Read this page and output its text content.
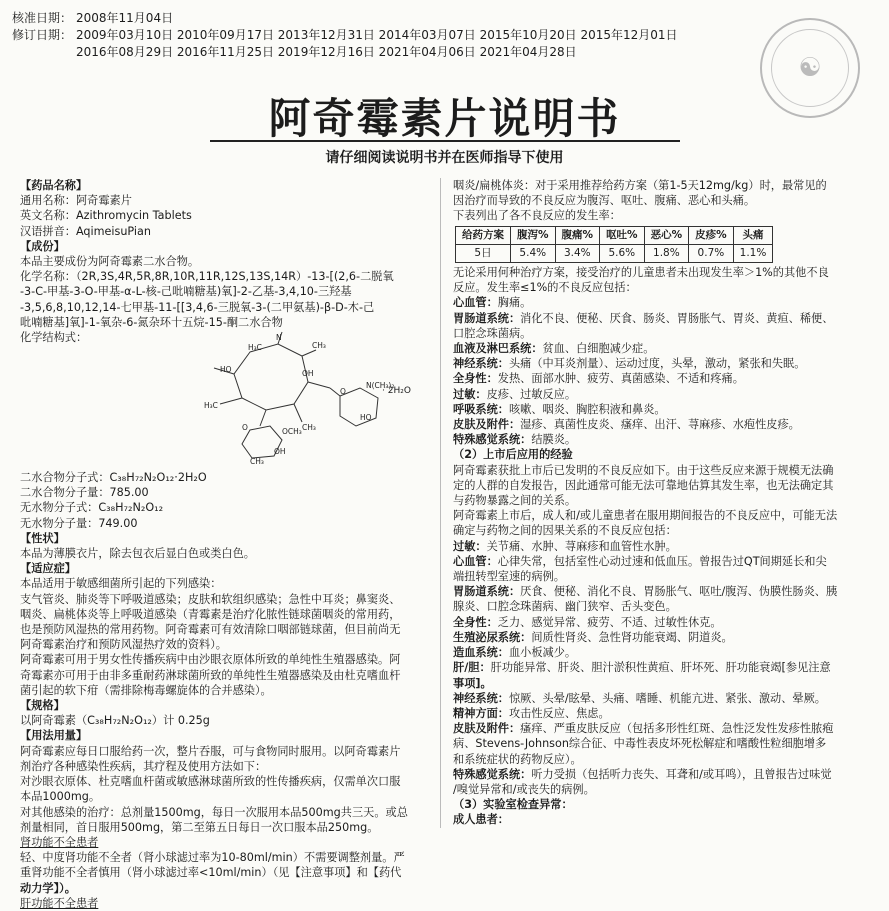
核准日期： 2008年11月04日
修订日期： 2009年03月10日 2010年09月17日 2013年12月31日 2014年03月07日 2015年10月20日 2015年12月01日
2016年08月29日 2016年11月25日 2019年12月16日 2021年04月06日 2021年04月28日
☯
阿奇霉素片说明书
请仔细阅读说明书并在医师指导下使用

【药品名称】

通用名称：阿奇霉素片

英文名称：Azithromycin Tablets

汉语拼音：AqimeisuPian

【成份】

本品主要成份为阿奇霉素二水合物。

化学名称：（2R,3S,4R,5R,8R,10R,11R,12S,13S,14R）-13-[(2,6-二脱氧

-3-C-甲基-3-O-甲基-α-L-核-己吡喃糖基)氧]-2-乙基-3,4,10-三羟基

-3,5,6,8,10,12,14-七甲基-11-[[3,4,6-三脱氧-3-(二甲氨基)-β-D-木-己

吡喃糖基]氧]-1-氧杂-6-氮杂环十五烷-15-酮二水合物

化学结构式：	N
H₃C	CH₃
HO
H₃C
OH
O
N(CH₃)₂
HO
O	OCH₃
OH
CH₃
CH₃
· 2H₂O

二水合物分子式：C₃₈H₇₂N₂O₁₂·2H₂O

二水合物分子量：785.00

无水物分子式：C₃₈H₇₂N₂O₁₂

无水物分子量：749.00

【性状】

本品为薄膜衣片，除去包衣后显白色或类白色。

【适应症】

本品适用于敏感细菌所引起的下列感染：

支气管炎、肺炎等下呼吸道感染；皮肤和软组织感染；急性中耳炎；鼻窦炎、

咽炎、扁桃体炎等上呼吸道感染（青霉素是治疗化脓性链球菌咽炎的常用药，

也是预防风湿热的常用药物。阿奇霉素可有效清除口咽部链球菌，但目前尚无

阿奇霉素治疗和预防风湿热疗效的资料）。

阿奇霉素可用于男女性传播疾病中由沙眼衣原体所致的单纯性生殖器感染。阿

奇霉素亦可用于由非多重耐药淋球菌所致的单纯性生殖器感染及由杜克嗜血杆

菌引起的软下疳（需排除梅毒螺旋体的合并感染）。

【规格】

以阿奇霉素（C₃₈H₇₂N₂O₁₂）计 0.25g

【用法用量】

阿奇霉素应每日口服给药一次，整片吞服，可与食物同时服用。以阿奇霉素片

剂治疗各种感染性疾病，其疗程及使用方法如下：

对沙眼衣原体、杜克嗜血杆菌或敏感淋球菌所致的性传播疾病，仅需单次口服

本品1000mg。

对其他感染的治疗：总剂量1500mg，每日一次服用本品500mg共三天。或总

剂量相同，首日服用500mg，第二至第五日每日一次口服本品250mg。

肾功能不全患者

轻、中度肾功能不全者（肾小球滤过率为10-80ml/min）不需要调整剂量。严

重肾功能不全者慎用（肾小球滤过率<10ml/min）（见【注意事项】和【药代

动力学】）。

肝功能不全患者

咽炎/扁桃体炎：对于采用推荐给药方案（第1-5天12mg/kg）时，最常见的

因治疗而导致的不良反应为腹泻、呕吐、腹痛、恶心和头痛。

下表列出了各不良反应的发生率：

给药方案	腹泻%	腹痛%	呕吐%	恶心%	皮疹%	头痛
5日	5.4%	3.4%	5.6%	1.8%	0.7%	1.1%

无论采用何种治疗方案，接受治疗的儿童患者未出现发生率＞1%的其他不良

反应。发生率≤1%的不良反应包括：

心血管：胸痛。

胃肠道系统：消化不良、便秘、厌食、肠炎、胃肠胀气、胃炎、黄疸、稀便、

口腔念珠菌病。

血液及淋巴系统：贫血、白细胞减少症。

神经系统：头痛（中耳炎剂量）、运动过度，头晕，激动，紧张和失眠。

全身性：发热、面部水肿、疲劳、真菌感染、不适和疼痛。

过敏：皮疹、过敏反应。

呼吸系统：咳嗽、咽炎、胸腔积液和鼻炎。

皮肤及附件：湿疹、真菌性皮炎、瘙痒、出汗、荨麻疹、水疱性皮疹。

特殊感觉系统：结膜炎。

（2）上市后应用的经验

阿奇霉素获批上市后已发明的不良反应如下。由于这些反应来源于规模无法确

定的人群的自发报告，因此通常可能无法可靠地估算其发生率，也无法确定其

与药物暴露之间的关系。

阿奇霉素上市后，成人和/或儿童患者在服用期间报告的不良反应中，可能无法

确定与药物之间的因果关系的不良反应包括：

过敏：关节痛、水肿、荨麻疹和血管性水肿。

心血管：心律失常，包括室性心动过速和低血压。曾报告过QT间期延长和尖

端扭转型室速的病例。

胃肠道系统：厌食、便秘、消化不良、胃肠胀气、呕吐/腹泻、伪膜性肠炎、胰

腺炎、口腔念珠菌病、幽门狭窄、舌头变色。

全身性：乏力、感觉异常、疲劳、不适、过敏性休克。

生殖泌尿系统：间质性肾炎、急性肾功能衰竭、阴道炎。

造血系统：血小板减少。

肝/胆：肝功能异常、肝炎、胆汁淤积性黄疸、肝坏死、肝功能衰竭[参见注意

事项]。

神经系统：惊厥、头晕/眩晕、头痛、嗜睡、机能亢进、紧张、激动、晕厥。

精神方面：攻击性反应、焦虑。

皮肤及附件：瘙痒、严重皮肤反应（包括多形性红斑、急性泛发性发疹性脓疱

病、Stevens-Johnson综合征、中毒性表皮坏死松解症和嗜酸性粒细胞增多

和系统症状的药物反应）。

特殊感觉系统：听力受损（包括听力丧失、耳聋和/或耳鸣），且曾报告过味觉

/嗅觉异常和/或丧失的病例。

（3）实验室检查异常：

成人患者：
